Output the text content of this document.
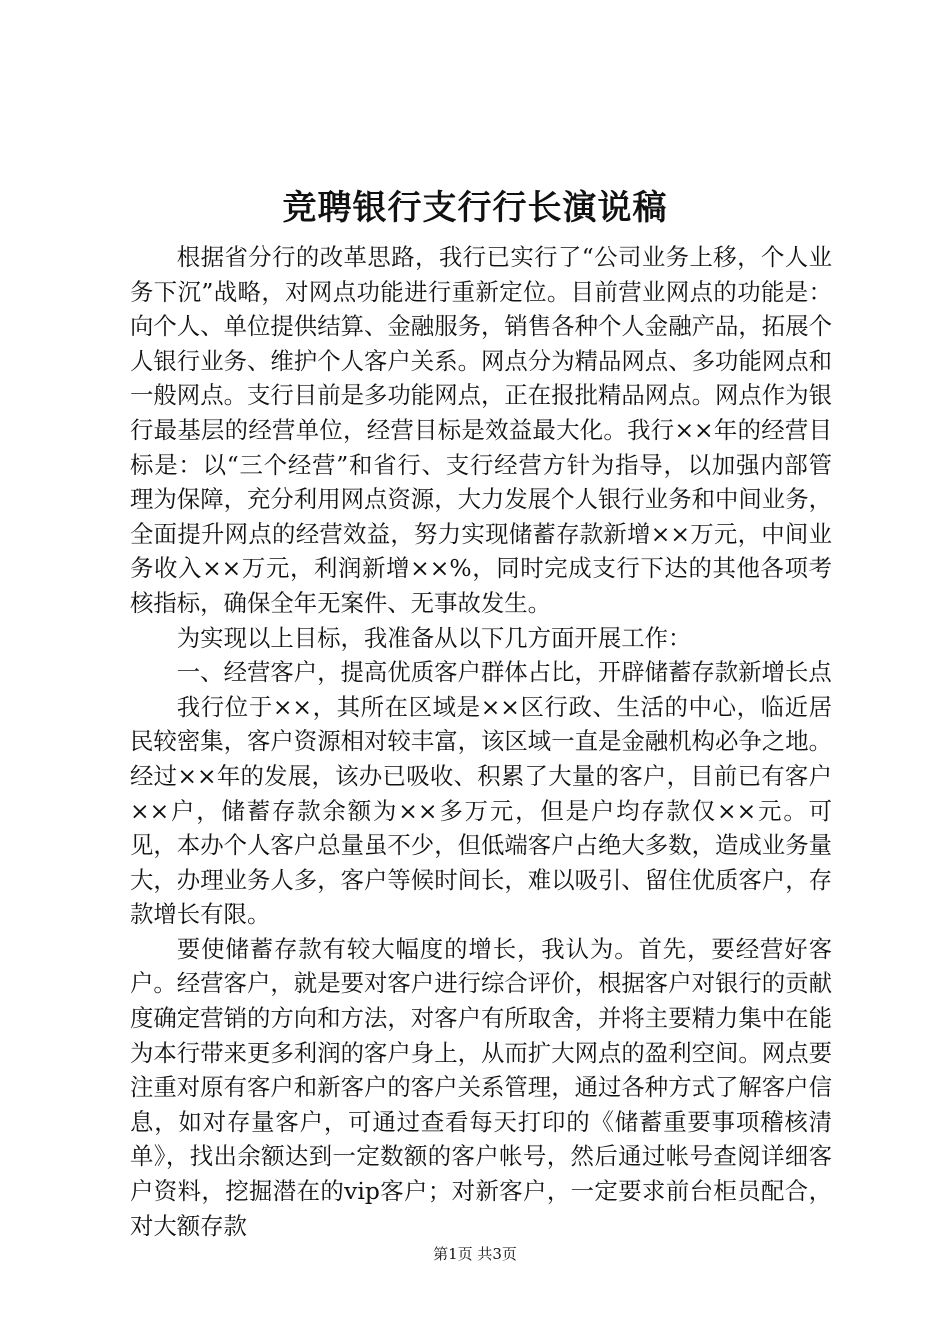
竞聘银行支行行长演说稿

根据省分行的改革思路，我行已实行了“公司业务上移，个人业务下沉”战略，对网点功能进行重新定位。目前营业网点的功能是：向个人、单位提供结算、金融服务，销售各种个人金融产品，拓展个人银行业务、维护个人客户关系。网点分为精品网点、多功能网点和一般网点。支行目前是多功能网点，正在报批精品网点。网点作为银行最基层的经营单位，经营目标是效益最大化。我行××年的经营目标是：以“三个经营”和省行、支行经营方针为指导，以加强内部管理为保障，充分利用网点资源，大力发展个人银行业务和中间业务，全面提升网点的经营效益，努力实现储蓄存款新增××万元，中间业务收入××万元，利润新增××%，同时完成支行下达的其他各项考核指标，确保全年无案件、无事故发生。

为实现以上目标，我准备从以下几方面开展工作：

一、经营客户，提高优质客户群体占比，开辟储蓄存款新增长点

我行位于××，其所在区域是××区行政、生活的中心，临近居民较密集，客户资源相对较丰富，该区域一直是金融机构必争之地。经过××年的发展，该办已吸收、积累了大量的客户，目前已有客户××户，储蓄存款余额为××多万元，但是户均存款仅××元。可见，本办个人客户总量虽不少，但低端客户占绝大多数，造成业务量大，办理业务人多，客户等候时间长，难以吸引、留住优质客户，存款增长有限。

要使储蓄存款有较大幅度的增长，我认为。首先，要经营好客户。经营客户，就是要对客户进行综合评价，根据客户对银行的贡献度确定营销的方向和方法，对客户有所取舍，并将主要精力集中在能为本行带来更多利润的客户身上，从而扩大网点的盈利空间。网点要注重对原有客户和新客户的客户关系管理，通过各种方式了解客户信息，如对存量客户，可通过查看每天打印的《储蓄重要事项稽核清单》，找出余额达到一定数额的客户帐号，然后通过帐号查阅详细客户资料，挖掘潜在的vip客户；对新客户，一定要求前台柜员配合，对大额存款

第1页 共3页
